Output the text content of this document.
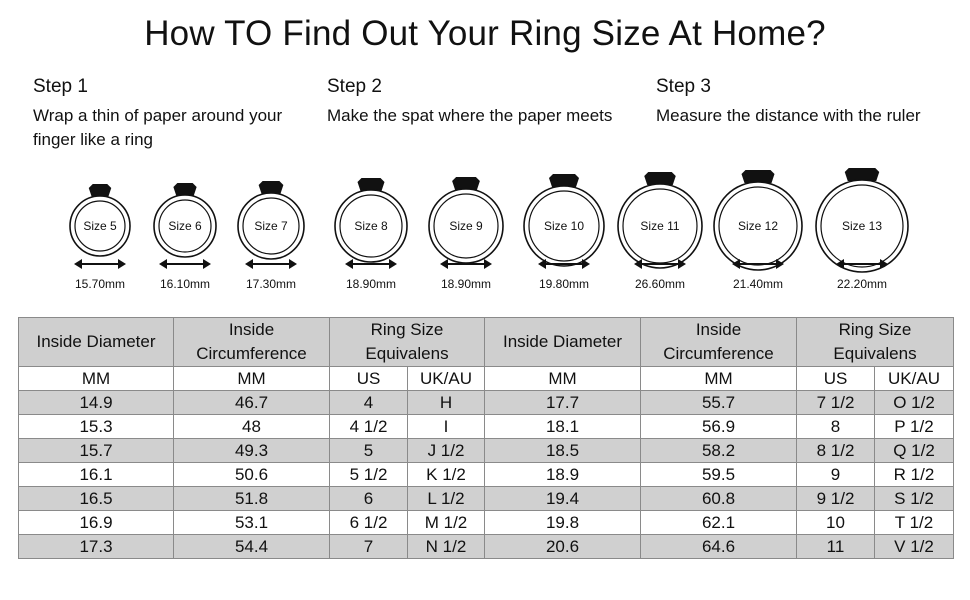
How TO Find Out Your Ring Size At Home?
Step 1
Wrap a thin of paper around your finger like a ring
Step 2
Make the spat where the paper meets
Step 3
Measure the distance with the ruler
Size 5
15.70mm
Size 6
16.10mm
Size 7
17.30mm
Size 8
18.90mm
Size 9
18.90mm
Size 10
19.80mm
Size 11
26.60mm
Size 12
21.40mm
Size 13
22.20mm
Inside Diameter	Inside Circumference	Ring Size Equivalens		Inside Diameter	Inside Circumference	Ring Size Equivalens	
MM	MM	US	UK/AU	MM	MM	US	UK/AU
14.9	46.7	4	H	17.7	55.7	7 1/2	O 1/2
15.3	48	4 1/2	I	18.1	56.9	8	P 1/2
15.7	49.3	5	J 1/2	18.5	58.2	8 1/2	Q 1/2
16.1	50.6	5 1/2	K 1/2	18.9	59.5	9	R 1/2
16.5	51.8	6	L 1/2	19.4	60.8	9 1/2	S 1/2
16.9	53.1	6 1/2	M 1/2	19.8	62.1	10	T 1/2
17.3	54.4	7	N 1/2	20.6	64.6	11	V 1/2
